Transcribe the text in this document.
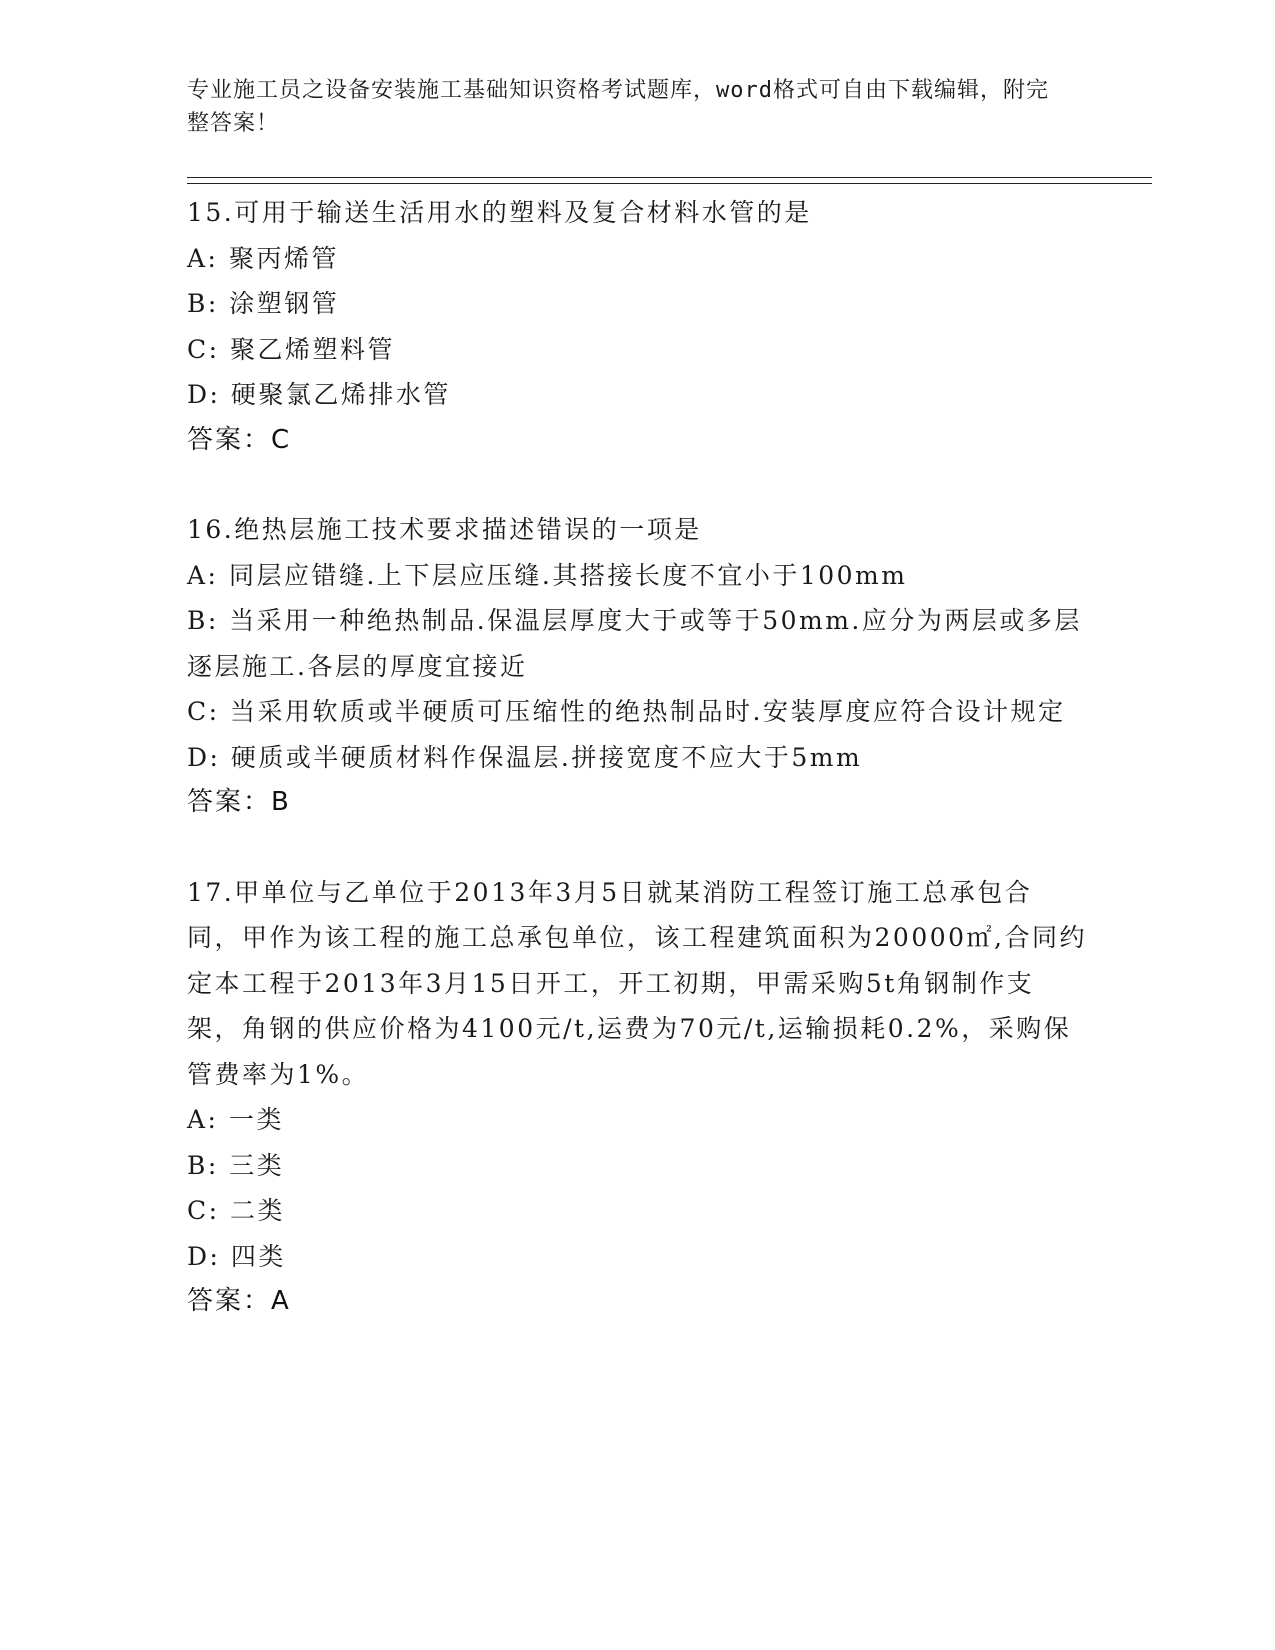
专业施工员之设备安装施工基础知识资格考试题库，word格式可自由下载编辑，附完整答案！
15.可用于输送生活用水的塑料及复合材料水管的是
A: 聚丙烯管
B: 涂塑钢管
C: 聚乙烯塑料管
D: 硬聚氯乙烯排水管
答案：C
16.绝热层施工技术要求描述错误的一项是
A: 同层应错缝.上下层应压缝.其搭接长度不宜小于100mm
B: 当采用一种绝热制品.保温层厚度大于或等于50mm.应分为两层或多层逐层施工.各层的厚度宜接近
C: 当采用软质或半硬质可压缩性的绝热制品时.安装厚度应符合设计规定
D: 硬质或半硬质材料作保温层.拼接宽度不应大于5mm
答案：B
17.甲单位与乙单位于2013年3月5日就某消防工程签订施工总承包合同，甲作为该工程的施工总承包单位，该工程建筑面积为20000㎡,合同约定本工程于2013年3月15日开工，开工初期，甲需采购5t角钢制作支架，角钢的供应价格为4100元/t,运费为70元/t,运输损耗0.2%，采购保管费率为1%。
A: 一类
B: 三类
C: 二类
D: 四类
答案：A
